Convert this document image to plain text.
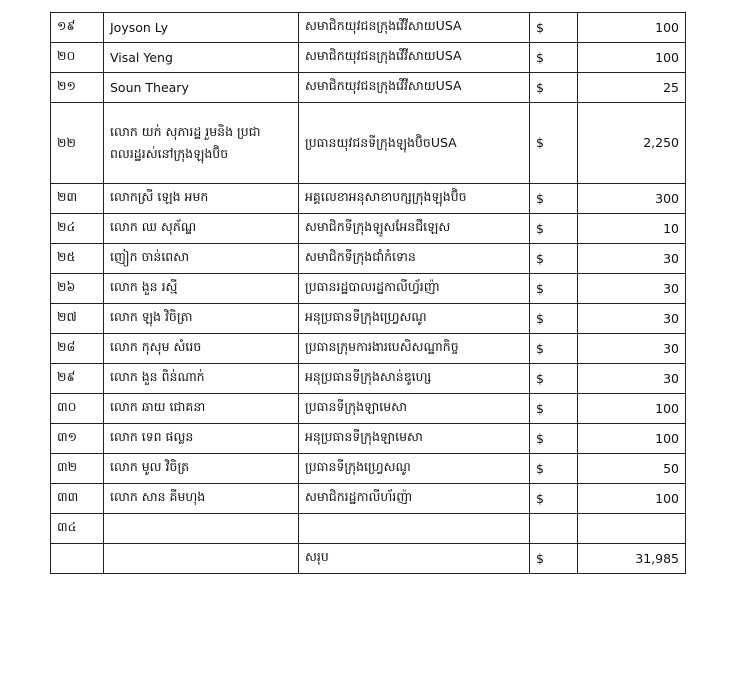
១៩	Joyson Ly	សមាជិកយុវជនក្រុងវើវីសាយUSA	$	100
២០	Visal Yeng	សមាជិកយុវជនក្រុងវើវីសាយUSA	$	100
២១	Soun Theary	សមាជិកយុវជនក្រុងវើវីសាយUSA	$	25
២២	លោក យក់ សុភារដ្ឋ រួមនិង ប្រជាពលរដ្ឋរស់នៅក្រុងឡុងប៊ិច	ប្រធានយុវជនទីក្រុងឡុងប៊ិចUSA	$	2,250
២៣	លោកស្រី ឡេង អមក	អគ្គលេខាអនុសាខាបក្សក្រុងឡុងប៊ិច	$	300
២៤	លោក ឈ សុភ័ណ្ឌ	សមាជិកទីក្រុងឡូសអែនជឺឡេស	$	10
២៥	ញៀក ចាន់ពេសា	សមាជិកទីក្រុងជាំកំទោន	$	30
២៦	លោក ងួន រស្មី	ប្រធានរដ្ឋបាលរដ្ឋកាលីហ្វ័រញ៉ា	$	30
២៧	លោក ឡុង វិចិត្រា	អនុប្រធានទីក្រុងហ្វ្រេសណូ	$	30
២៨	លោក កុសុម សំរេច	ប្រធានក្រុមការងារបេសិសណ្ឋាកិច្ច	$	30
២៩	លោក ងួន ពិន់ណាក់	អនុប្រធានទីក្រុងសាន់ឌូហ្សេ	$	30
៣០	លោក ឆាយ ជោគនា	ប្រធានទីក្រុងឡាមេសា	$	100
៣១	លោក ទេព ផល្លន	អនុប្រធានទីក្រុងឡាមេសា	$	100
៣២	លោក មូល វិចិត្រ	ប្រធានទីក្រុងហ្វ្រេសណូ	$	50
៣៣	លោក សាន គីមហុង	សមាជិករដ្ឋកាលីហ័រញ៉ា	$	100
៣៤				
		សរុប	$	31,985
